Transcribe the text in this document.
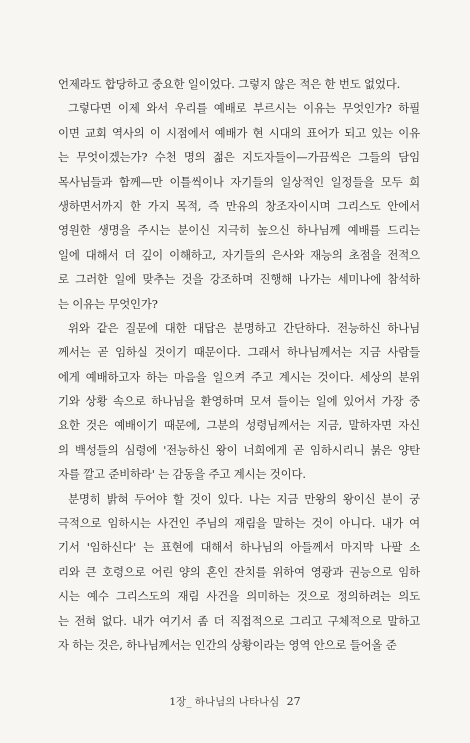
언제라도 합당하고 중요한 일이었다. 그렇지 않은 적은 한 번도 없었다.
그렇다면 이제 와서 우리를 예배로 부르시는 이유는 무엇인가? 하필
이면 교회 역사의 이 시점에서 예배가 현 시대의 표어가 되고 있는 이유
는 무엇이겠는가? 수천 명의 젊은 지도자들이—가끔씩은 그들의 담임
목사님들과 함께—만 이틀씩이나 자기들의 일상적인 일정들을 모두 희
생하면서까지 한 가지 목적, 즉 만유의 창조자이시며 그리스도 안에서
영원한 생명을 주시는 분이신 지극히 높으신 하나님께 예배를 드리는
일에 대해서 더 깊이 이해하고, 자기들의 은사와 재능의 초점을 전적으
로 그러한 일에 맞추는 것을 강조하며 진행해 나가는 세미나에 참석하
는 이유는 무엇인가?
위와 같은 질문에 대한 대답은 분명하고 간단하다. 전능하신 하나님
께서는 곧 임하실 것이기 때문이다. 그래서 하나님께서는 지금 사람들
에게 예배하고자 하는 마음을 일으켜 주고 계시는 것이다. 세상의 분위
기와 상황 속으로 하나님을 환영하며 모셔 들이는 일에 있어서 가장 중
요한 것은 예배이기 때문에, 그분의 성령님께서는 지금, 말하자면 자신
의 백성들의 심령에 '전능하신 왕이 너희에게 곧 임하시리니 붉은 양탄
자를 깔고 준비하라' 는 감동을 주고 계시는 것이다.
분명히 밝혀 두어야 할 것이 있다. 나는 지금 만왕의 왕이신 분이 궁
극적으로 임하시는 사건인 주님의 재림을 말하는 것이 아니다. 내가 여
기서 '임하신다' 는 표현에 대해서 하나님의 아들께서 마지막 나팔 소
리와 큰 호령으로 어린 양의 혼인 잔치를 위하여 영광과 권능으로 임하
시는 예수 그리스도의 재림 사건을 의미하는 것으로 정의하려는 의도
는 전혀 없다. 내가 여기서 좀 더 직접적으로 그리고 구체적으로 말하고
자 하는 것은, 하나님께서는 인간의 상황이라는 영역 안으로 들어올 준
1장_ 하나님의 나타나심 27
